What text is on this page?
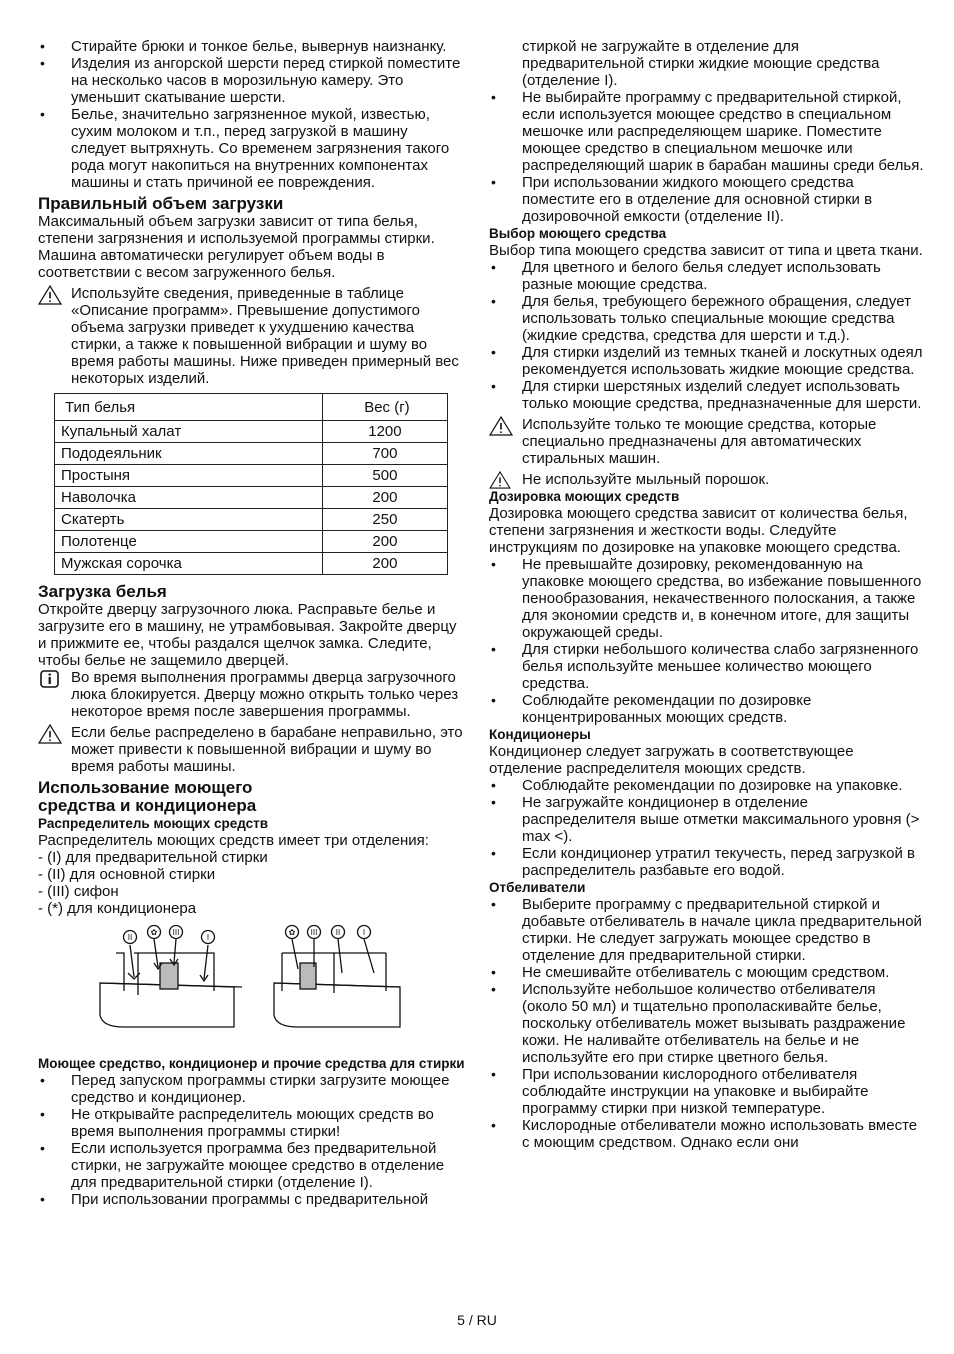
• Стирайте брюки и тонкое белье, вывернув наизнанку.
• Изделия из ангорской шерсти перед стиркой поместите на несколько часов в морозильную камеру. Это уменьшит скатывание шерсти.
• Белье, значительно загрязненное мукой, известью, сухим молоком и т.п., перед загрузкой в машину следует вытряхнуть. Со временем загрязнения такого рода могут накопиться на внутренних компонентах машины и стать причиной ее повреждения.
Правильный объем загрузки

Максимальный объем загрузки зависит от типа белья, степени загрязнения и используемой программы стирки. Машина автоматически регулирует объем воды в соответствии с весом загруженного белья.

Используйте сведения, приведенные в таблице «Описание программ». Превышение допустимого объема загрузки приведет к ухудшению качества стирки, а также к повышенной вибрации и шуму во время работы машины. Ниже приведен примерный вес некоторых изделий.

Тип белья	Вес (г)
Купальный халат	1200
Пододеяльник	700
Простыня	500
Наволочка	200
Скатерть	250
Полотенце	200
Мужская сорочка	200
Загрузка белья

Откройте дверцу загрузочного люка. Расправьте белье и загрузите его в машину, не утрамбовывая. Закройте дверцу и прижмите ее, чтобы раздался щелчок замка. Следите, чтобы белье не защемило дверцей.

Во время выполнения программы дверца загрузочного люка блокируется. Дверцу можно открыть только через некоторое время после завершения программы.

Если белье распределено в барабане неправильно, это может привести к повышенной вибрации и шуму во время работы машины.

Использование моющего
средства и кондиционера
Распределитель моющих средств

Распределитель моющих средств имеет три отделения:

- (I) для предварительной стирки
- (II) для основной стирки
- (III) сифон
- (*) для кондиционера
II
✿ III
I
✿ III II	I
Моющее средство, кондиционер и прочие средства для стирки
• Перед запуском программы стирки загрузите моющее средство и кондиционер.
• Не открывайте распределитель моющих средств во время выполнения программы стирки!
• Если используется программа без предварительной стирки, не загружайте моющее средство в отделение для предварительной стирки (отделение I).
• При использовании программы с предварительной

стиркой не загружайте в отделение для предварительной стирки жидкие моющие средства (отделение I).

• Не выбирайте программу с предварительной стиркой, если используется моющее средство в специальном мешочке или распределяющем шарике. Поместите моющее средство в специальном мешочке или распределяющий шарик в барабан машины среди белья.
• При использовании жидкого моющего средства поместите его в отделение для основной стирки в дозировочной емкости (отделение II).
Выбор моющего средства

Выбор типа моющего средства зависит от типа и цвета ткани.

• Для цветного и белого белья следует использовать разные моющие средства.
• Для белья, требующего бережного обращения, следует использовать только специальные моющие средства (жидкие средства, средства для шерсти и т.д.).
• Для стирки изделий из темных тканей и лоскутных одеял рекомендуется использовать жидкие моющие средства.
• Для стирки шерстяных изделий следует использовать только моющие средства, предназначенные для шерсти.

Используйте только те моющие средства, которые специально предназначены для автоматических стиральных машин.

Не используйте мыльный порошок.

Дозировка моющих средств

Дозировка моющего средства зависит от количества белья, степени загрязнения и жесткости воды. Следуйте инструкциям по дозировке на упаковке моющего средства.

• Не превышайте дозировку, рекомендованную на упаковке моющего средства, во избежание повышенного пенообразования, некачественного полоскания, а также для экономии средств и, в конечном итоге, для защиты окружающей среды.
• Для стирки небольшого количества слабо загрязненного белья используйте меньшее количество моющего средства.
• Соблюдайте рекомендации по дозировке концентрированных моющих средств.
Кондиционеры

Кондиционер следует загружать в соответствующее отделение распределителя моющих средств.

• Соблюдайте рекомендации по дозировке на упаковке.
• Не загружайте кондиционер в отделение распределителя выше отметки максимального уровня (> max <).
• Если кондиционер утратил текучесть, перед загрузкой в распределитель разбавьте его водой.
Отбеливатели
• Выберите программу с предварительной стиркой и добавьте отбеливатель в начале цикла предварительной стирки. Не следует загружать моющее средство в отделение для предварительной стирки.
• Не смешивайте отбеливатель с моющим средством.
• Используйте небольшое количество отбеливателя (около 50 мл) и тщательно прополаскивайте белье, поскольку отбеливатель может вызывать раздражение кожи. Не наливайте отбеливатель на белье и не используйте его при стирке цветного белья.
• При использовании кислородного отбеливателя соблюдайте инструкции на упаковке и выбирайте программу стирки при низкой температуре.
• Кислородные отбеливатели можно использовать вместе с моющим средством. Однако если они
5 / RU
